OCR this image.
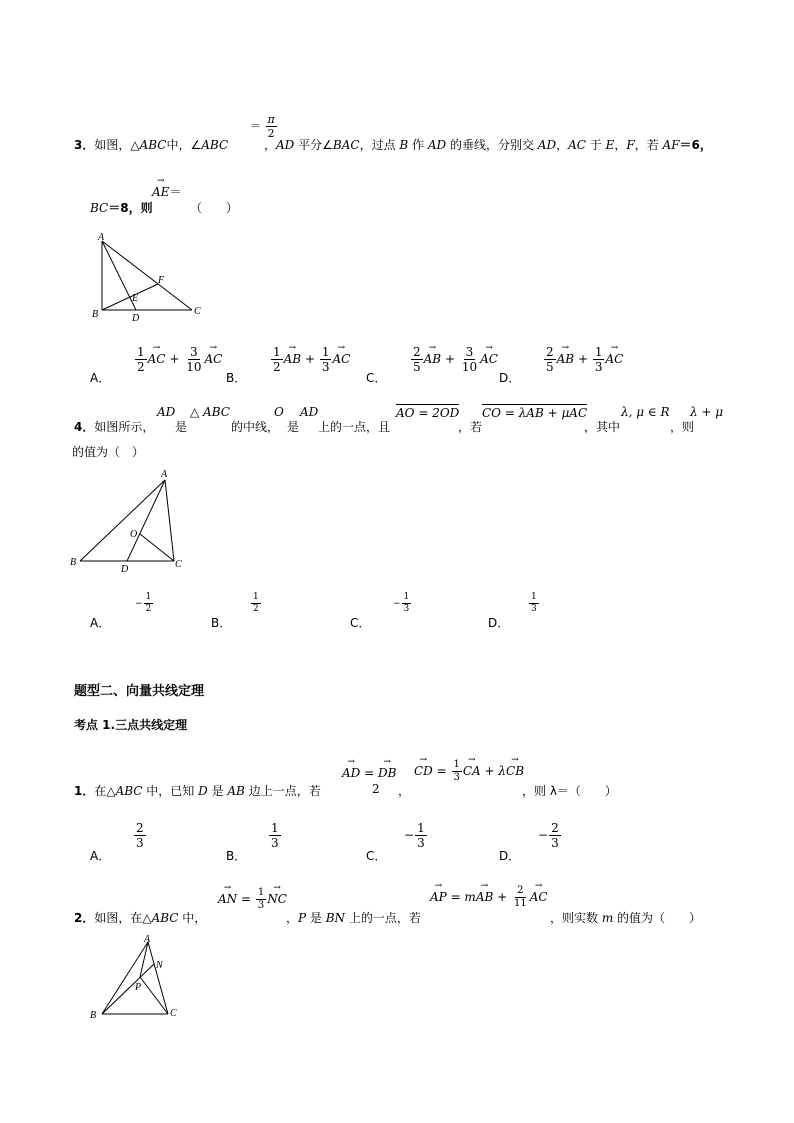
3．如图，△ABC中，∠ABC
＝ $\frac{\pi}{2}$
，AD 平分∠BAC，过点 B 作 AD 的垂线，分别交 AD，AC 于 E，F，若 AF＝6，
BC＝8，则
→ AE＝
（　　）
A
B	C
D
E
F
A．
$\frac{1}{2}$ → AC + $\frac{3}{10}$ → AC
B．
$\frac{1}{2}$ → AB + $\frac{1}{3}$ → AC
C．
$\frac{2}{5}$ → AB + $\frac{3}{10}$ → AC
D．
$\frac{2}{5}$ → AB + $\frac{1}{3}$ → AC
4．如图所示，
AD
是
△ ABC
的中线，
O
是
AD
上的一点，且
AO = 2OD
，若
CO = λAB + μAC
，其中
λ, μ ∈ R
，则
λ + μ
的值为（　）
A
B	C
D
O
A．
− $\frac{1}{2}$
B．
$\frac{1}{2}$
C．
− $\frac{1}{3}$
D．
$\frac{1}{3}$
题型二、向量共线定理
考点 1.三点共线定理
1．在△ABC 中，已知 D 是 AB 边上一点，若
→ AD = → DB
2 ，
→ CD = $\frac{1}{3}$ → CA + λ→ CB
，则 λ＝（　　）
A．
$\frac{2}{3}$
B．
$\frac{1}{3}$
C．
− $\frac{1}{3}$
D．
− $\frac{2}{3}$
2．如图，在△ABC 中，
→ AN = $\frac{1}{3}$ → NC
，P 是 BN 上的一点，若
→ AP = m→ AB + $\frac{2}{11}$ → AC
，则实数 m 的值为（　　）
A
B	C
N
P
